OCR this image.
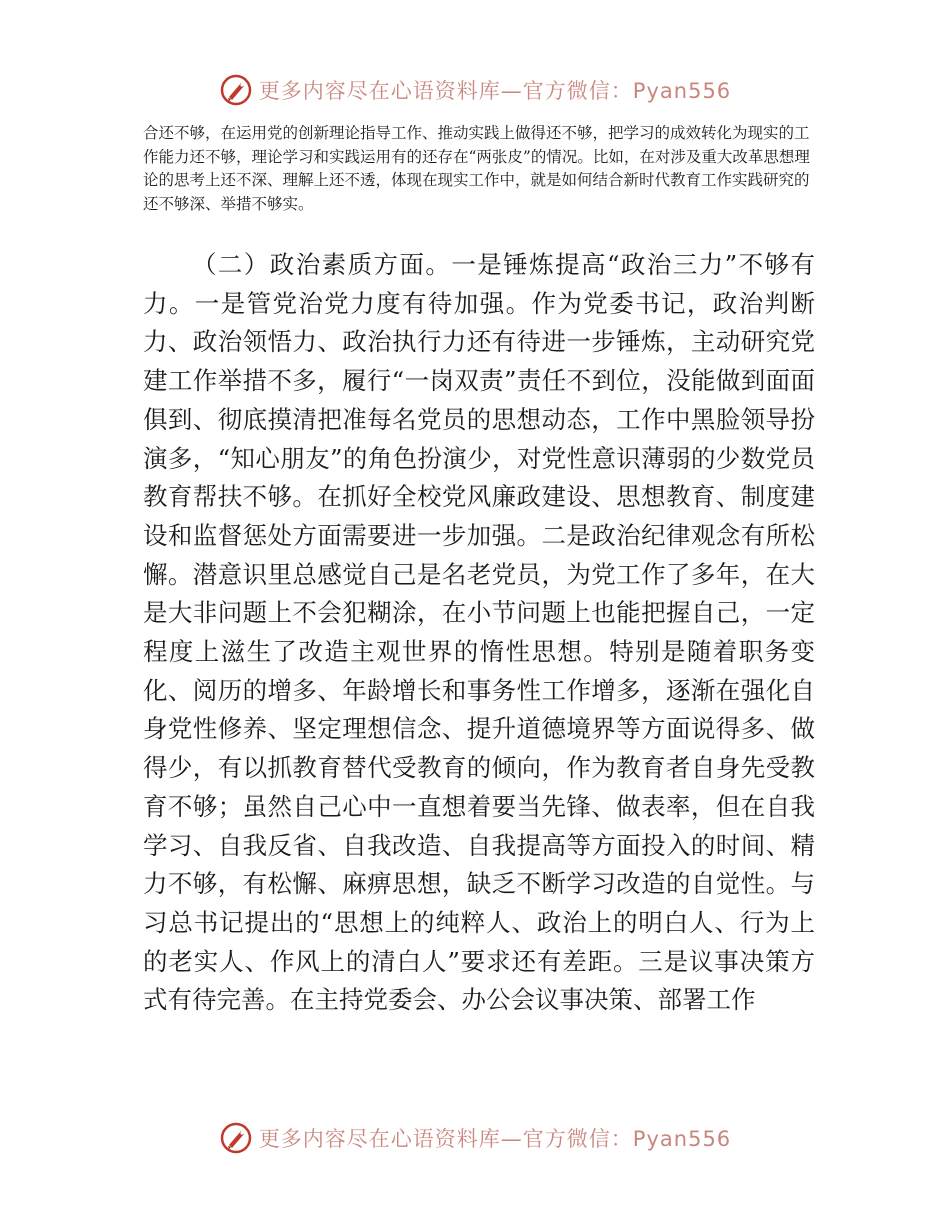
更多内容尽在心语资料库—官方微信：Pyan556

合还不够，在运用党的创新理论指导工作、推动实践上做得还不够，把学习的成效转化为现实的工作能力还不够，理论学习和实践运用有的还存在“两张皮”的情况。比如，在对涉及重大改革思想理论的思考上还不深、理解上还不透，体现在现实工作中，就是如何结合新时代教育工作实践研究的还不够深、举措不够实。

（二）政治素质方面。一是锤炼提高“政治三力”不够有力。一是管党治党力度有待加强。作为党委书记，政治判断力、政治领悟力、政治执行力还有待进一步锤炼，主动研究党建工作举措不多，履行“一岗双责”责任不到位，没能做到面面俱到、彻底摸清把准每名党员的思想动态，工作中黑脸领导扮演多，“知心朋友”的角色扮演少，对党性意识薄弱的少数党员教育帮扶不够。在抓好全校党风廉政建设、思想教育、制度建设和监督惩处方面需要进一步加强。二是政治纪律观念有所松懈。潜意识里总感觉自己是名老党员，为党工作了多年，在大是大非问题上不会犯糊涂，在小节问题上也能把握自己，一定程度上滋生了改造主观世界的惰性思想。特别是随着职务变化、阅历的增多、年龄增长和事务性工作增多，逐渐在强化自身党性修养、坚定理想信念、提升道德境界等方面说得多、做得少，有以抓教育替代受教育的倾向，作为教育者自身先受教育不够；虽然自己心中一直想着要当先锋、做表率，但在自我学习、自我反省、自我改造、自我提高等方面投入的时间、精力不够，有松懈、麻痹思想，缺乏不断学习改造的自觉性。与习总书记提出的“思想上的纯粹人、政治上的明白人、行为上的老实人、作风上的清白人”要求还有差距。三是议事决策方式有待完善。在主持党委会、办公会议事决策、部署工作

更多内容尽在心语资料库—官方微信：Pyan556
